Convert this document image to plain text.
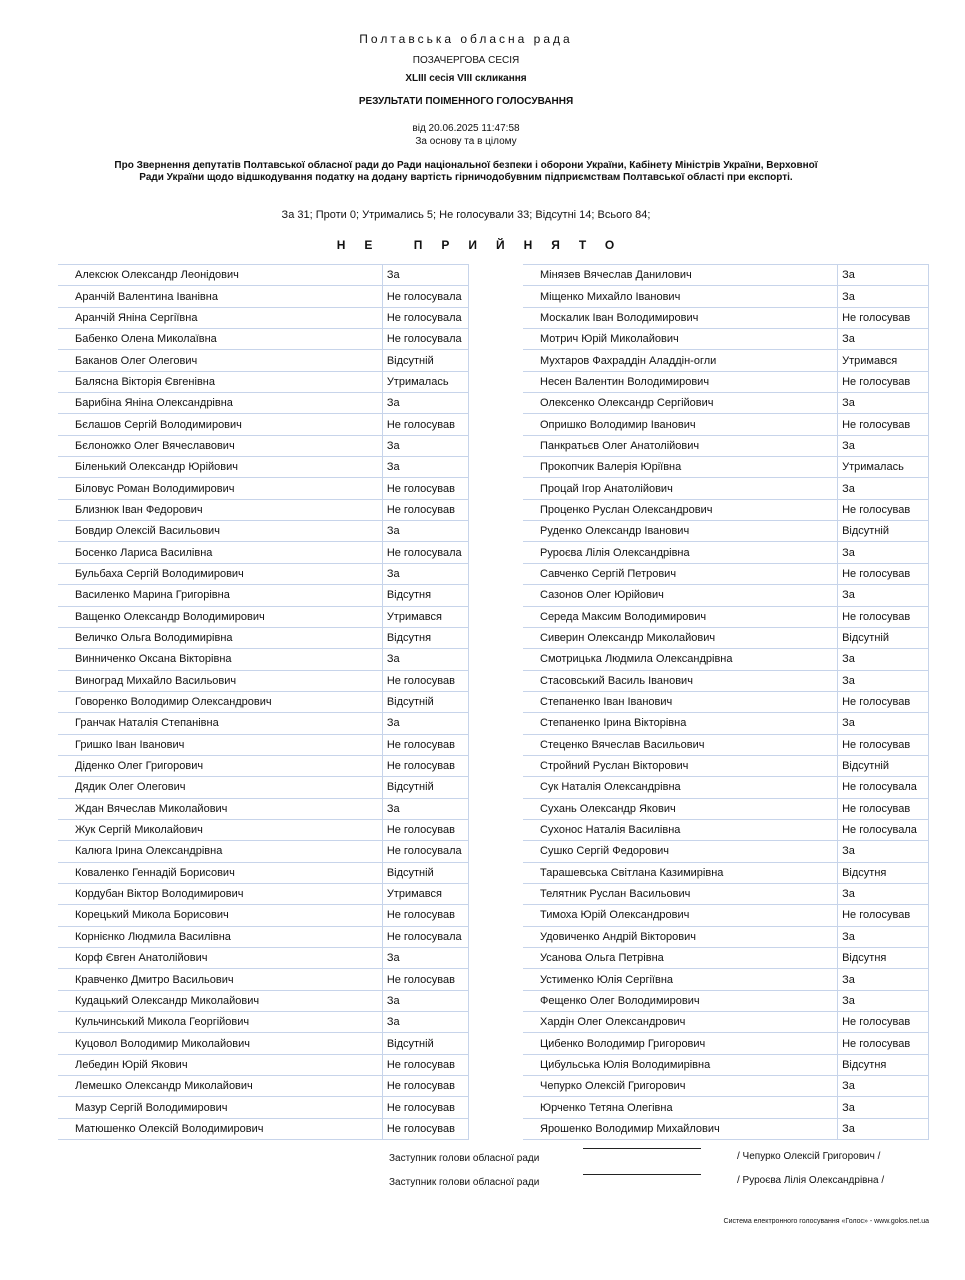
Полтавська обласна рада
ПОЗАЧЕРГОВА СЕСІЯ
XLIII сесія VIII скликання
РЕЗУЛЬТАТИ ПОІМЕННОГО ГОЛОСУВАННЯ
від 20.06.2025 11:47:58
За основу та в цілому
Про Звернення депутатів Полтавської обласної ради до Ради національної безпеки і оборони України, Кабінету Міністрів України, Верховної Ради України щодо відшкодування податку на додану вартість гірничодобувним підприємствам Полтавської області при експорті.
За 31; Проти 0; Утримались 5; Не голосували 33; Відсутні 14; Всього 84;
НЕ ПРИЙНЯТО
Алексюк Олександр Леонідович	За
Аранчій Валентина Іванівна	Не голосувала
Аранчій Яніна Сергіївна	Не голосувала
Бабенко Олена Миколаївна	Не голосувала
Баканов Олег Олегович	Відсутній
Балясна Вікторія Євгенівна	Утрималась
Барибіна Яніна Олександрівна	За
Бєлашов Сергій Володимирович	Не голосував
Бєлоножко Олег Вячеславович	За
Біленький Олександр Юрійович	За
Біловус Роман Володимирович	Не голосував
Близнюк Іван Федорович	Не голосував
Бовдир Олексій Васильович	За
Босенко Лариса Василівна	Не голосувала
Бульбаха Сергій Володимирович	За
Василенко Марина Григорівна	Відсутня
Ващенко Олександр Володимирович	Утримався
Величко Ольга Володимирівна	Відсутня
Винниченко Оксана Вікторівна	За
Виноград Михайло Васильович	Не голосував
Говоренко Володимир Олександрович	Відсутній
Гранчак Наталія Степанівна	За
Гришко Іван Іванович	Не голосував
Діденко Олег Григорович	Не голосував
Дядик Олег Олегович	Відсутній
Ждан Вячеслав Миколайович	За
Жук Сергій Миколайович	Не голосував
Калюга Ірина Олександрівна	Не голосувала
Коваленко Геннадій Борисович	Відсутній
Кордубан Віктор Володимирович	Утримався
Корецький Микола Борисович	Не голосував
Корнієнко Людмила Василівна	Не голосувала
Корф Євген Анатолійович	За
Кравченко Дмитро Васильович	Не голосував
Кудацький Олександр Миколайович	За
Кульчинський Микола Георгійович	За
Куцовол Володимир Миколайович	Відсутній
Лебедин Юрій Якович	Не голосував
Лемешко Олександр Миколайович	Не голосував
Мазур Сергій Володимирович	Не голосував
Матюшенко Олексій Володимирович	Не голосував
Мінязев Вячеслав Данилович	За
Міщенко Михайло Іванович	За
Москалик Іван Володимирович	Не голосував
Мотрич Юрій Миколайович	За
Мухтаров Фахраддін Аладдін-огли	Утримався
Несен Валентин Володимирович	Не голосував
Олексенко Олександр Сергійович	За
Опришко Володимир Іванович	Не голосував
Панкратьєв Олег Анатолійович	За
Прокопчик Валерія Юріївна	Утрималась
Процай Ігор Анатолійович	За
Проценко Руслан Олександрович	Не голосував
Руденко Олександр Іванович	Відсутній
Руроєва Лілія Олександрівна	За
Савченко Сергій Петрович	Не голосував
Сазонов Олег Юрійович	За
Середа Максим Володимирович	Не голосував
Сиверин Олександр Миколайович	Відсутній
Смотрицька Людмила Олександрівна	За
Стасовський Василь Іванович	За
Степаненко Іван Іванович	Не голосував
Степаненко Ірина Вікторівна	За
Стеценко Вячеслав Васильович	Не голосував
Стройний Руслан Вікторович	Відсутній
Сук Наталія Олександрівна	Не голосувала
Сухань Олександр Якович	Не голосував
Сухонос Наталія Василівна	Не голосувала
Сушко Сергій Федорович	За
Тарашевська Світлана Казимирівна	Відсутня
Телятник Руслан Васильович	За
Тимоха Юрій Олександрович	Не голосував
Удовиченко Андрій Вікторович	За
Усанова Ольга Петрівна	Відсутня
Устименко Юлія Сергіївна	За
Фещенко Олег Володимирович	За
Хардін Олег Олександрович	Не голосував
Цибенко Володимир Григорович	Не голосував
Цибульська Юлія Володимирівна	Відсутня
Чепурко Олексій Григорович	За
Юрченко Тетяна Олегівна	За
Ярошенко Володимир Михайлович	За
Заступник голови обласної ради	/ Чепурко Олексій Григорович /
Заступник голови обласної ради	/ Руроєва Лілія Олександрівна /
Система електронного голосування «Голос» - www.golos.net.ua
